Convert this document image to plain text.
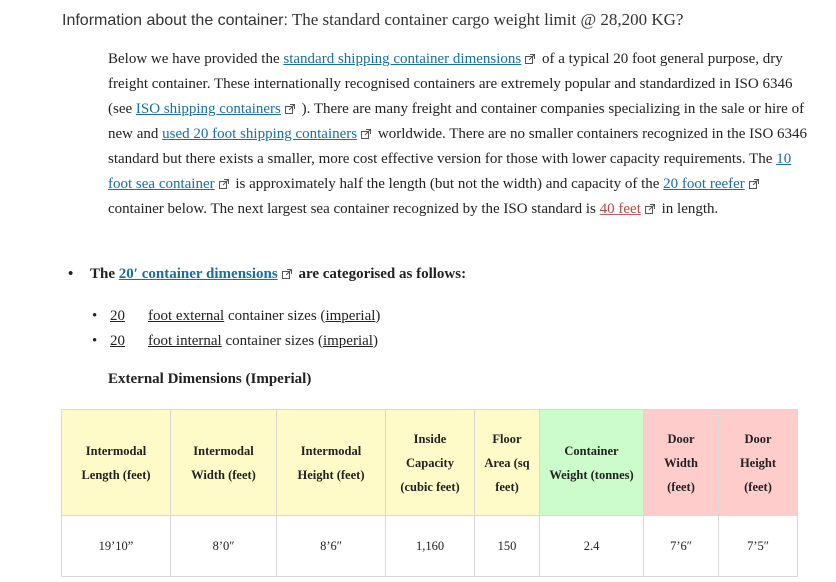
Information about the container: The standard container cargo weight limit @ 28,200 KG?
Below we have provided the standard shipping container dimensions
of a typical 20 foot general purpose, dry freight container. These internationally recognised containers are extremely popular and standardized in ISO 6346 (see ISO shipping containers
). There are many freight and container companies specializing in the sale or hire of new and used 20 foot shipping containers
worldwide. There are no smaller containers recognized in the ISO 6346 standard but there exists a smaller, more cost effective version for those with lower capacity requirements. The 10 foot sea container
is approximately half the length (but not the width) and capacity of the 20 foot reefer
container below. The next largest sea container recognized by the ISO standard is 40 feet
in length.
• The 20′ container dimensions
are categorised as follows:
• 20 foot external container sizes (imperial)
• 20 foot internal container sizes (imperial)
External Dimensions (Imperial)
Intermodal
Length (feet)	Intermodal
Width (feet)	Intermodal
Height (feet)	Inside
Capacity
(cubic feet)	Floor
Area (sq
feet)	Container
Weight (tonnes)	Door
Width
(feet)	Door
Height
(feet)
19’10”	8’0″	8’6″	1,160	150	2.4	7’6″	7’5″
